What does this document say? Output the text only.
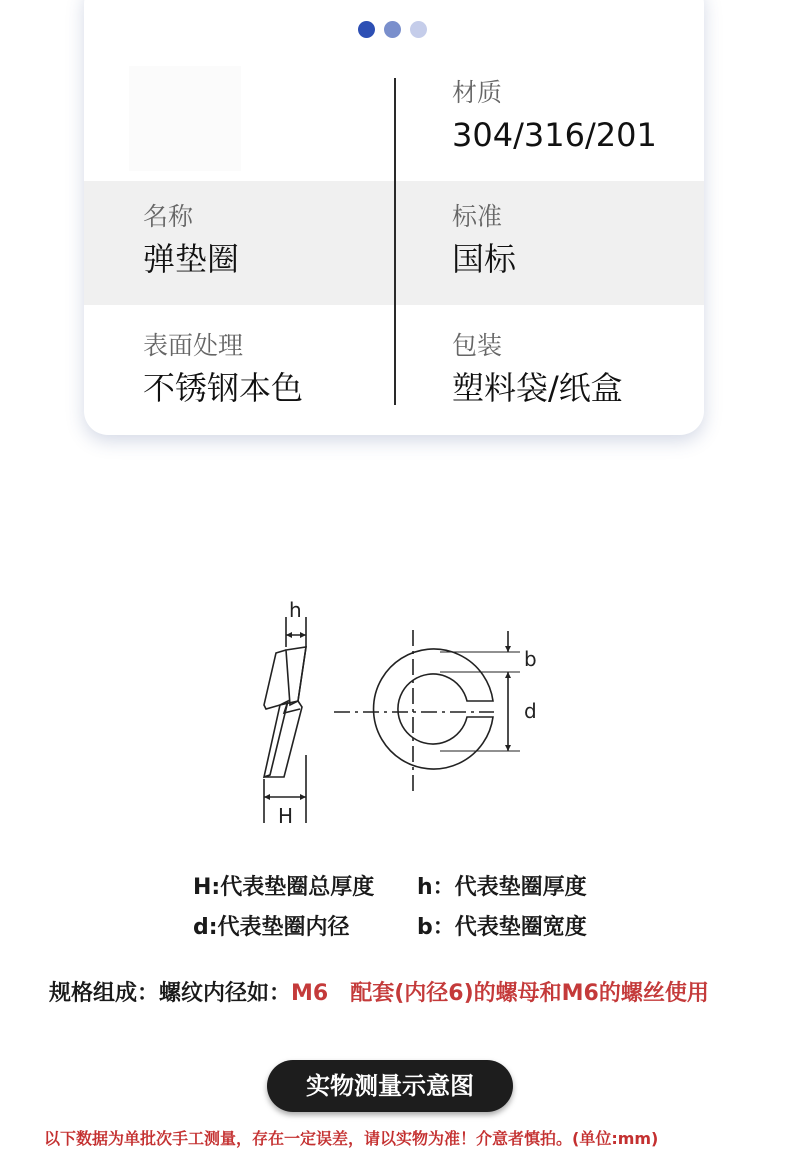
材质
304/316/201
名称
弹垫圈
标准
国标
表面处理
不锈钢本色
包装
塑料袋/纸盒
h
H
b
d
H:代表垫圈总厚度 h：代表垫圈厚度
d:代表垫圈内径	b：代表垫圈宽度
规格组成：螺纹内径如：M6　配套(内径6)的螺母和M6的螺丝使用
实物测量示意图
以下数据为单批次手工测量，存在一定误差，请以实物为准！介意者慎拍。(单位:mm)
